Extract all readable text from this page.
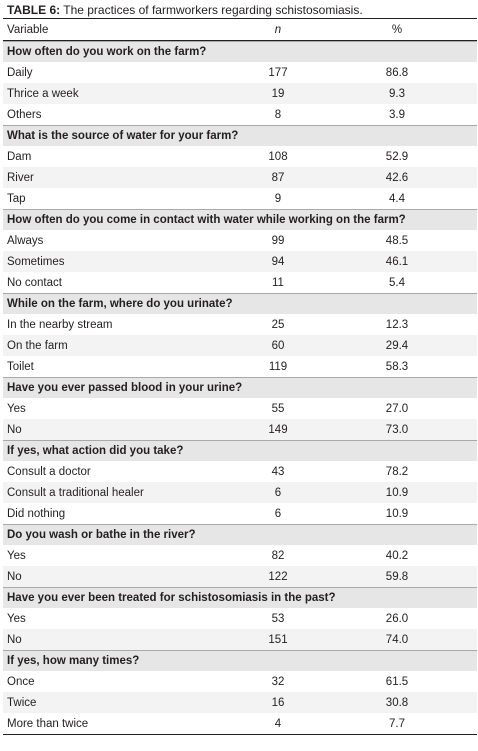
TABLE 6: The practices of farmworkers regarding schistosomiasis.
Variable	n	%
How often do you work on the farm?
Daily	177	86.8
Thrice a week	19	9.3
Others	8	3.9
What is the source of water for your farm?
Dam	108	52.9
River	87	42.6
Tap	9	4.4
How often do you come in contact with water while working on the farm?
Always	99	48.5
Sometimes	94	46.1
No contact	11	5.4
While on the farm, where do you urinate?
In the nearby stream	25	12.3
On the farm	60	29.4
Toilet	119	58.3
Have you ever passed blood in your urine?
Yes	55	27.0
No	149	73.0
If yes, what action did you take?
Consult a doctor	43	78.2
Consult a traditional healer	6	10.9
Did nothing	6	10.9
Do you wash or bathe in the river?
Yes	82	40.2
No	122	59.8
Have you ever been treated for schistosomiasis in the past?
Yes	53	26.0
No	151	74.0
If yes, how many times?
Once	32	61.5
Twice	16	30.8
More than twice	4	7.7
